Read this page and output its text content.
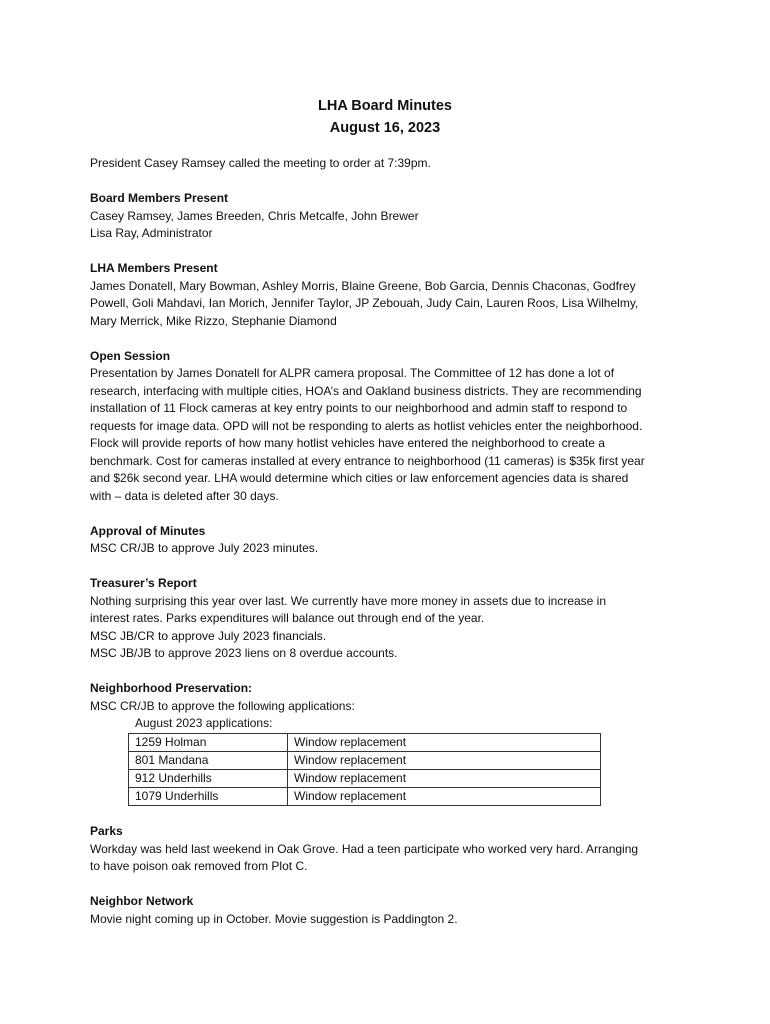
LHA Board Minutes
August 16, 2023

President Casey Ramsey called the meeting to order at 7:39pm.

Board Members Present

Casey Ramsey, James Breeden, Chris Metcalfe, John Brewer

Lisa Ray, Administrator

LHA Members Present

James Donatell, Mary Bowman, Ashley Morris, Blaine Greene, Bob Garcia, Dennis Chaconas, Godfrey

Powell, Goli Mahdavi, Ian Morich, Jennifer Taylor, JP Zebouah, Judy Cain, Lauren Roos, Lisa Wilhelmy,

Mary Merrick, Mike Rizzo, Stephanie Diamond

Open Session

Presentation by James Donatell for ALPR camera proposal. The Committee of 12 has done a lot of

research, interfacing with multiple cities, HOA’s and Oakland business districts. They are recommending

installation of 11 Flock cameras at key entry points to our neighborhood and admin staff to respond to

requests for image data. OPD will not be responding to alerts as hotlist vehicles enter the neighborhood.

Flock will provide reports of how many hotlist vehicles have entered the neighborhood to create a

benchmark. Cost for cameras installed at every entrance to neighborhood (11 cameras) is $35k first year

and $26k second year. LHA would determine which cities or law enforcement agencies data is shared

with – data is deleted after 30 days.

Approval of Minutes

MSC CR/JB to approve July 2023 minutes.

Treasurer’s Report

Nothing surprising this year over last. We currently have more money in assets due to increase in

interest rates. Parks expenditures will balance out through end of the year.

MSC JB/CR to approve July 2023 financials.

MSC JB/JB to approve 2023 liens on 8 overdue accounts.

Neighborhood Preservation:

MSC CR/JB to approve the following applications:

August 2023 applications:

1259 Holman	Window replacement
801 Mandana	Window replacement
912 Underhills	Window replacement
1079 Underhills	Window replacement

Parks

Workday was held last weekend in Oak Grove. Had a teen participate who worked very hard. Arranging

to have poison oak removed from Plot C.

Neighbor Network

Movie night coming up in October. Movie suggestion is Paddington 2.
